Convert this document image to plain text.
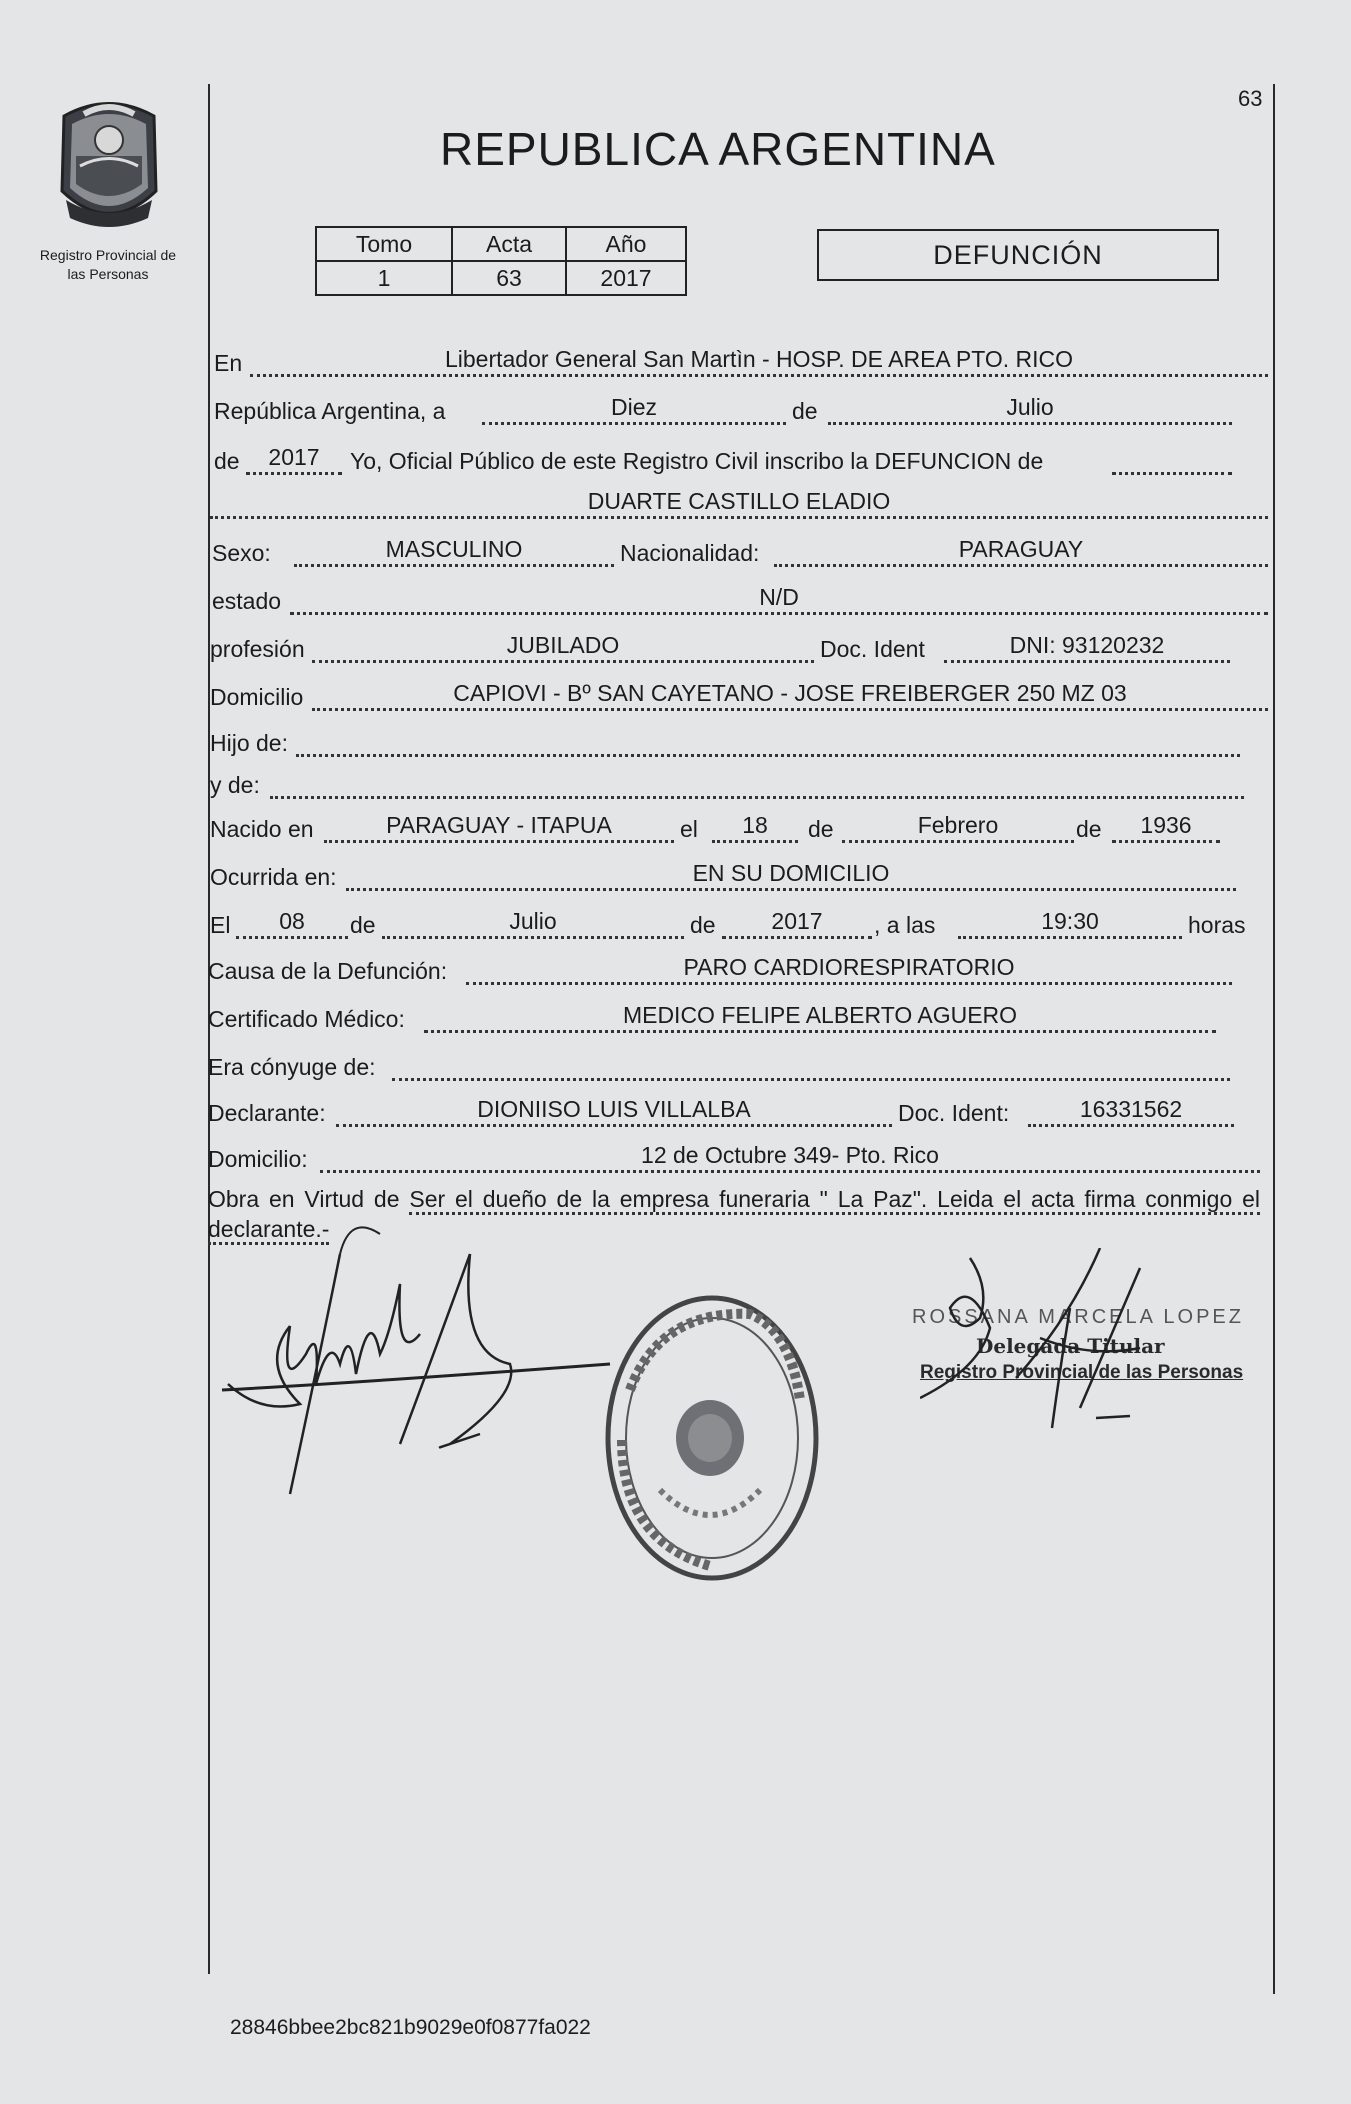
Registro Provincial de
las Personas
63
REPUBLICA ARGENTINA
Tomo	Acta	Año
1	63	2017
DEFUNCIÓN
En	Libertador General San Martìn - HOSP. DE AREA PTO. RICO
República Argentina, a	Diez	de	Julio
de	2017	Yo, Oficial Público de este Registro Civil inscribo la DEFUNCION de
DUARTE CASTILLO ELADIO
Sexo:	MASCULINO	Nacionalidad:	PARAGUAY
estado	N/D
profesión	JUBILADO	Doc. Ident	DNI: 93120232
Domicilio	CAPIOVI - Bº SAN CAYETANO - JOSE FREIBERGER 250 MZ 03
Hijo de:
y de:
Nacido en	PARAGUAY - ITAPUA	el	18	de	Febrero	de	1936
Ocurrida en:	EN SU DOMICILIO
El	08	de	Julio	de	2017	, a las	19:30	horas
Causa de la Defunción:	PARO CARDIORESPIRATORIO
Certificado Médico:	MEDICO FELIPE ALBERTO AGUERO
Era cónyuge de:
Declarante:	DIONIISO LUIS VILLALBA	Doc. Ident:	16331562
Domicilio:	12 de Octubre 349- Pto. Rico
Obra en Virtud de Ser el dueño de la empresa funeraria " La Paz". Leida el acta firma conmigo el declarante.-
ROSSANA MARCELA LOPEZ
Delegada Titular
Registro Provincial de las Personas
28846bbee2bc821b9029e0f0877fa022
